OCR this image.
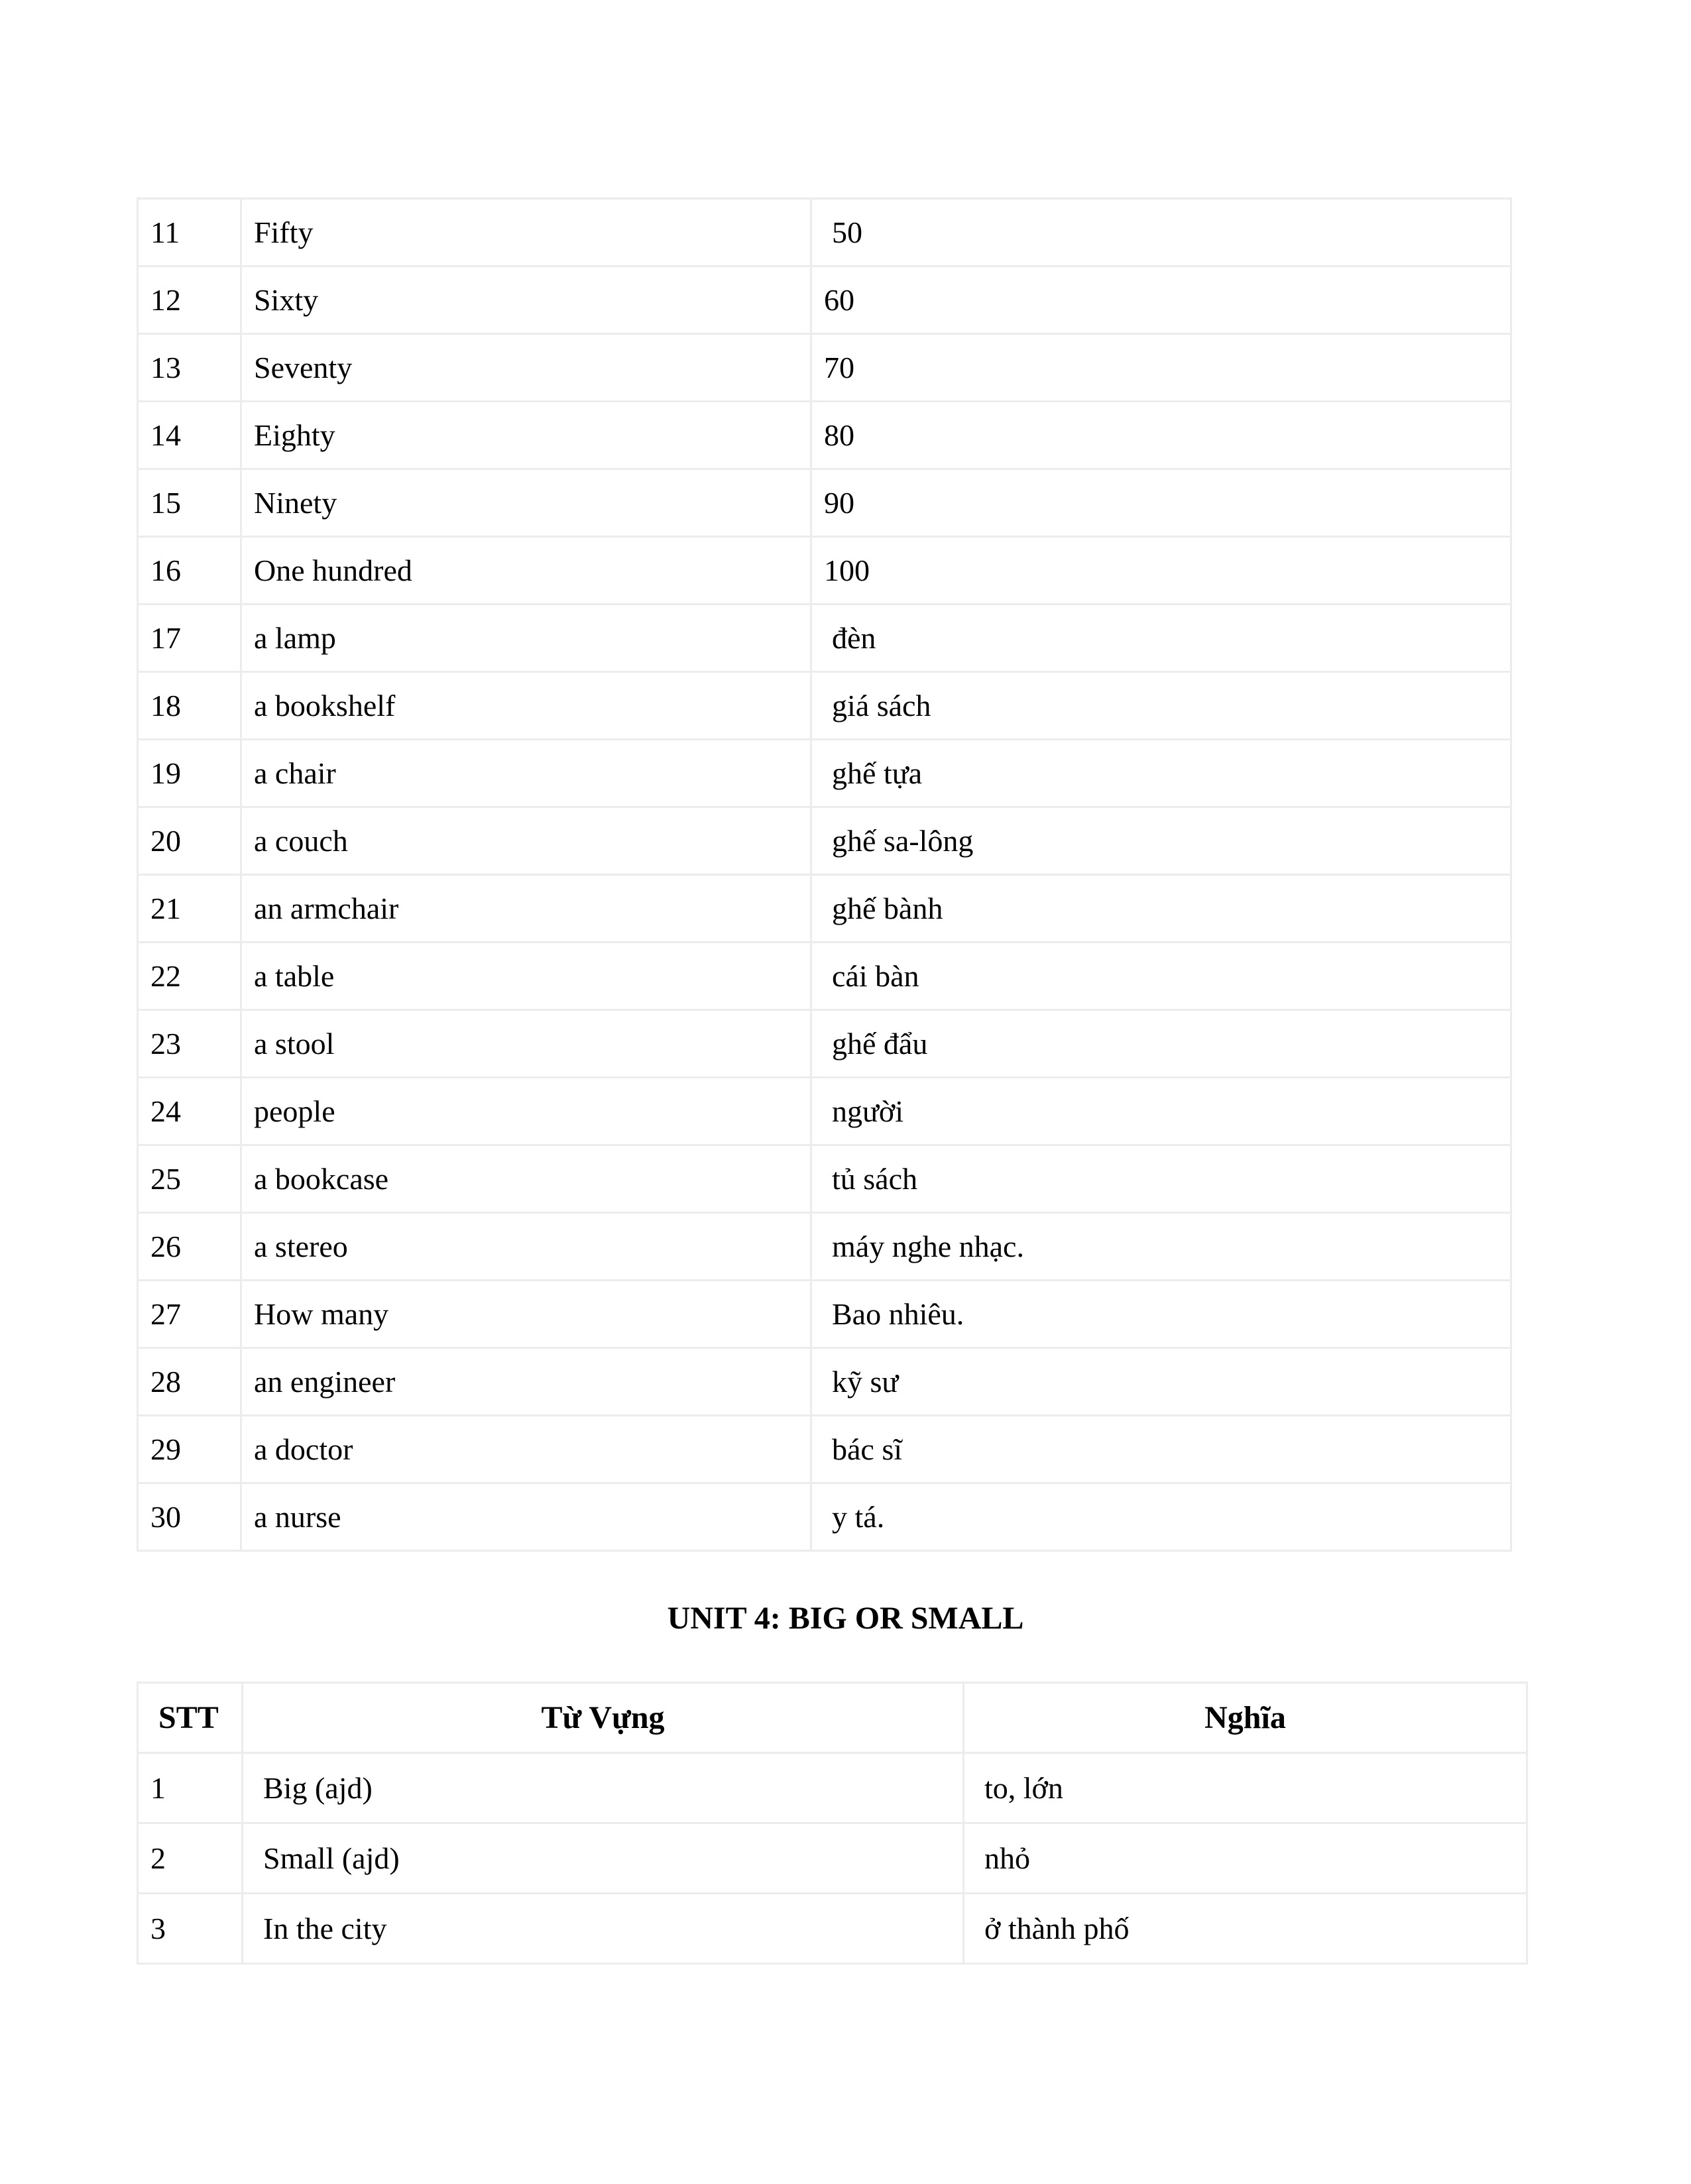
11	Fifty	50
12	Sixty	60
13	Seventy	70
14	Eighty	80
15	Ninety	90
16	One hundred	100
17	a lamp	đèn
18	a bookshelf	giá sách
19	a chair	ghế tựa
20	a couch	ghế sa-lông
21	an armchair	ghế bành
22	a table	cái bàn
23	a stool	ghế đẩu
24	people	người
25	a bookcase	tủ sách
26	a stereo	máy nghe nhạc.
27	How many	Bao nhiêu.
28	an engineer	kỹ sư
29	a doctor	bác sĩ
30	a nurse	y tá.
UNIT 4: BIG OR SMALL
STT	Từ Vựng	Nghĩa
1	Big (ajd)	to, lớn
2	Small (ajd)	nhỏ
3	In the city	ở thành phố
